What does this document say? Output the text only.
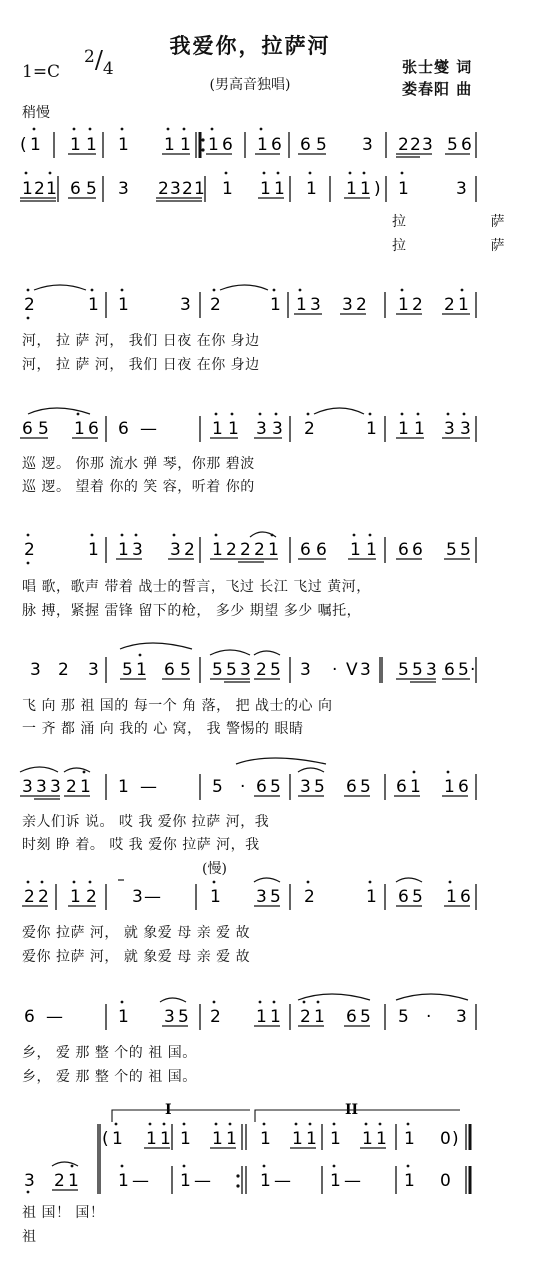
我爱你，拉萨河
(男高音独唱)
1=C
2/4	张士燮 词
娄春阳 曲
稍慢
(慢)
( 1 1 1 1 1 1 1 6 1 6 6 5 3 2 2 3 5 6
1 2 1 6 5 3 2 3 2 1 1 1 1 1 1 1 ) 1	3
拉 萨
拉 萨
2	1 1	3 2	1 1 3 3 2 1 2 2 1
河， 拉 萨 河， 我们 日夜 在你 身边
河， 拉 萨 河， 我们 日夜 在你 身边
6 5 1 6 6 —	1 1 3 3 2	1 1 1 3 3
巡 逻。 你那 流水 弹 琴，你那 碧波
巡 逻。 望着 你的 笑 容，听着 你的
2	1 1 3 3 2 1 2 2 2 1 6 6 1 1 6 6 5 5
唱 歌，歌声 带着 战士的誓言，飞过 长江 飞过 黄河，
脉 搏，紧握 雷锋 留下的枪， 多少 期望 多少 嘱托，
3 2 3 5 1 6 5 5 5 3 2 5 3 · V 3 5 5 3 6 5 ·
飞 向 那 祖 国的 每一个 角 落， 把 战士的心 向
一 齐 都 涌 向 我的 心 窝， 我 警惕的 眼睛
3 3 3 2 1 1 —	5 · 6 5 3 5 6 5 6 1 1 6
亲人们诉 说。 哎 我 爱你 拉萨 河，我
时刻 睁 着。 哎 我 爱你 拉萨 河，我
2 2 1 2 3 —	1 3 5 2	1 6 5 1 6
爱你 拉萨 河， 就 象爱 母 亲 爱 故
爱你 拉萨 河， 就 象爱 母 亲 爱 故
6 —	1 3 5 2 1 1 2 1 6 5 5 · 3
乡， 爱 那 整 个的 祖 国。
乡， 爱 那 整 个的 祖 国。
I	II
( 1 1 1 1 1 1 1 1 1 1 1 1 1 0 )
3 2 1 1 — 1 —	1 — 1 —	1 0
祖 国！ 国！
祖
